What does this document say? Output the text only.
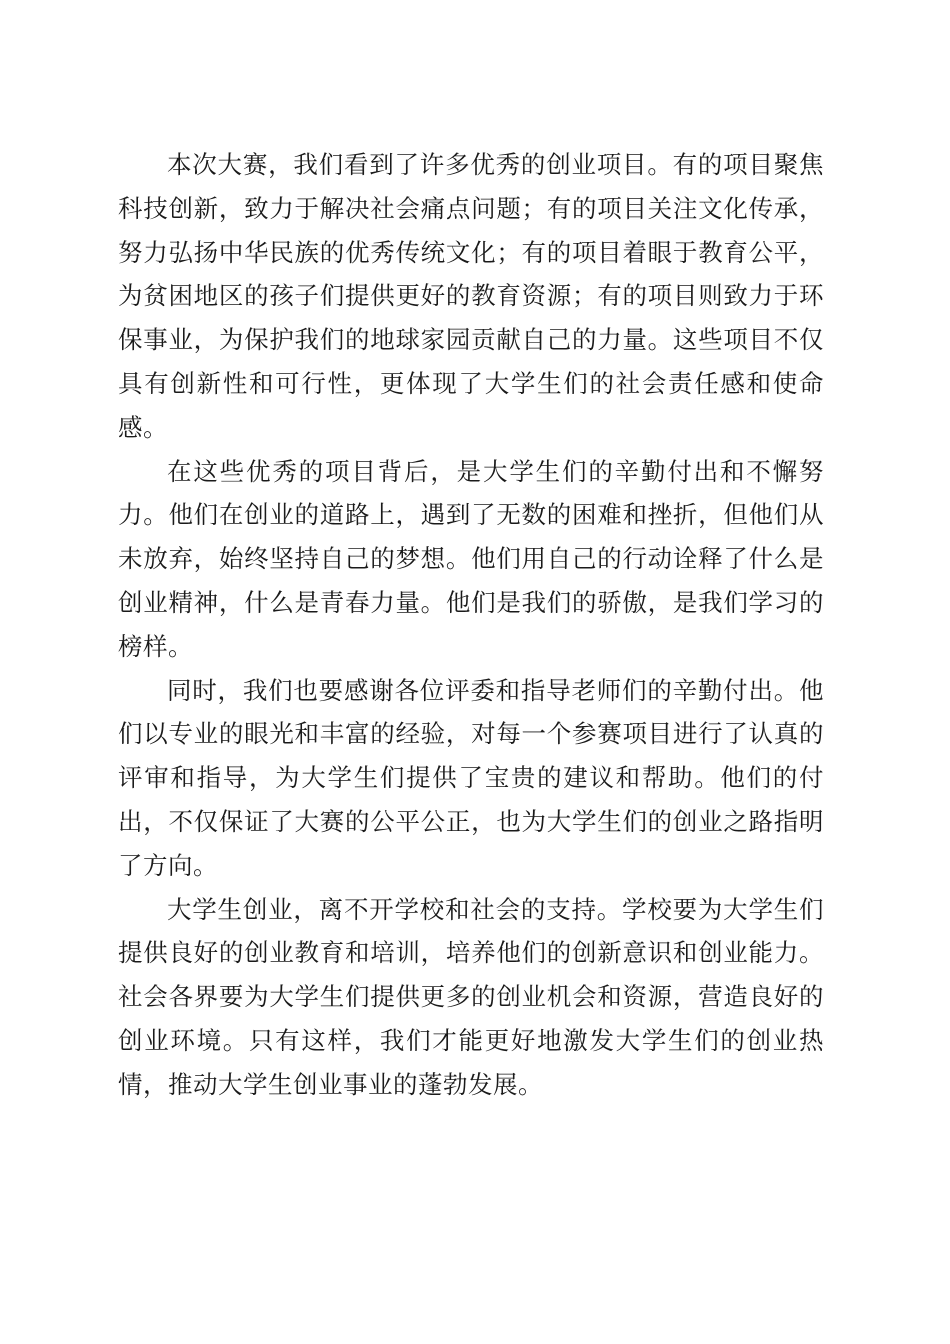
本次大赛，我们看到了许多优秀的创业项目。有的项目聚焦科技创新，致力于解决社会痛点问题；有的项目关注文化传承，努力弘扬中华民族的优秀传统文化；有的项目着眼于教育公平，为贫困地区的孩子们提供更好的教育资源；有的项目则致力于环保事业，为保护我们的地球家园贡献自己的力量。这些项目不仅具有创新性和可行性，更体现了大学生们的社会责任感和使命感。

在这些优秀的项目背后，是大学生们的辛勤付出和不懈努力。他们在创业的道路上，遇到了无数的困难和挫折，但他们从未放弃，始终坚持自己的梦想。他们用自己的行动诠释了什么是创业精神，什么是青春力量。他们是我们的骄傲，是我们学习的榜样。

同时，我们也要感谢各位评委和指导老师们的辛勤付出。他们以专业的眼光和丰富的经验，对每一个参赛项目进行了认真的评审和指导，为大学生们提供了宝贵的建议和帮助。他们的付出，不仅保证了大赛的公平公正，也为大学生们的创业之路指明了方向。

大学生创业，离不开学校和社会的支持。学校要为大学生们提供良好的创业教育和培训，培养他们的创新意识和创业能力。社会各界要为大学生们提供更多的创业机会和资源，营造良好的创业环境。只有这样，我们才能更好地激发大学生们的创业热情，推动大学生创业事业的蓬勃发展。
